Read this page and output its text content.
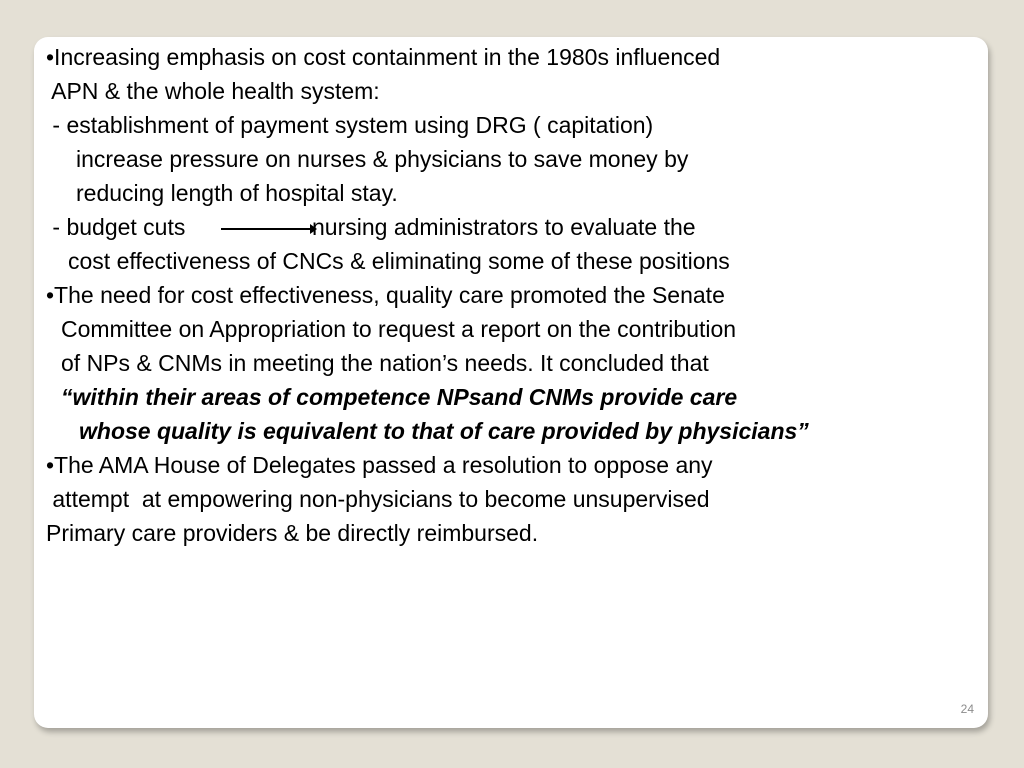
•Increasing emphasis on cost containment in the 1980s influenced
APN & the whole health system:
- establishment of payment system using DRG ( capitation)
increase pressure on nurses & physicians to save money by
reducing length of hospital stay.
- budget cuts	nursing administrators to evaluate the
cost effectiveness of CNCs & eliminating some of these positions
•The need for cost effectiveness, quality care promoted the Senate
Committee on Appropriation to request a report on the contribution
of NPs & CNMs in meeting the nation’s needs. It concluded that
“within their areas of competence NPsand CNMs provide care
whose quality is equivalent to that of care provided by physicians”
•The AMA House of Delegates passed a resolution to oppose any
attempt  at empowering non-physicians to become unsupervised
Primary care providers & be directly reimbursed.
24
